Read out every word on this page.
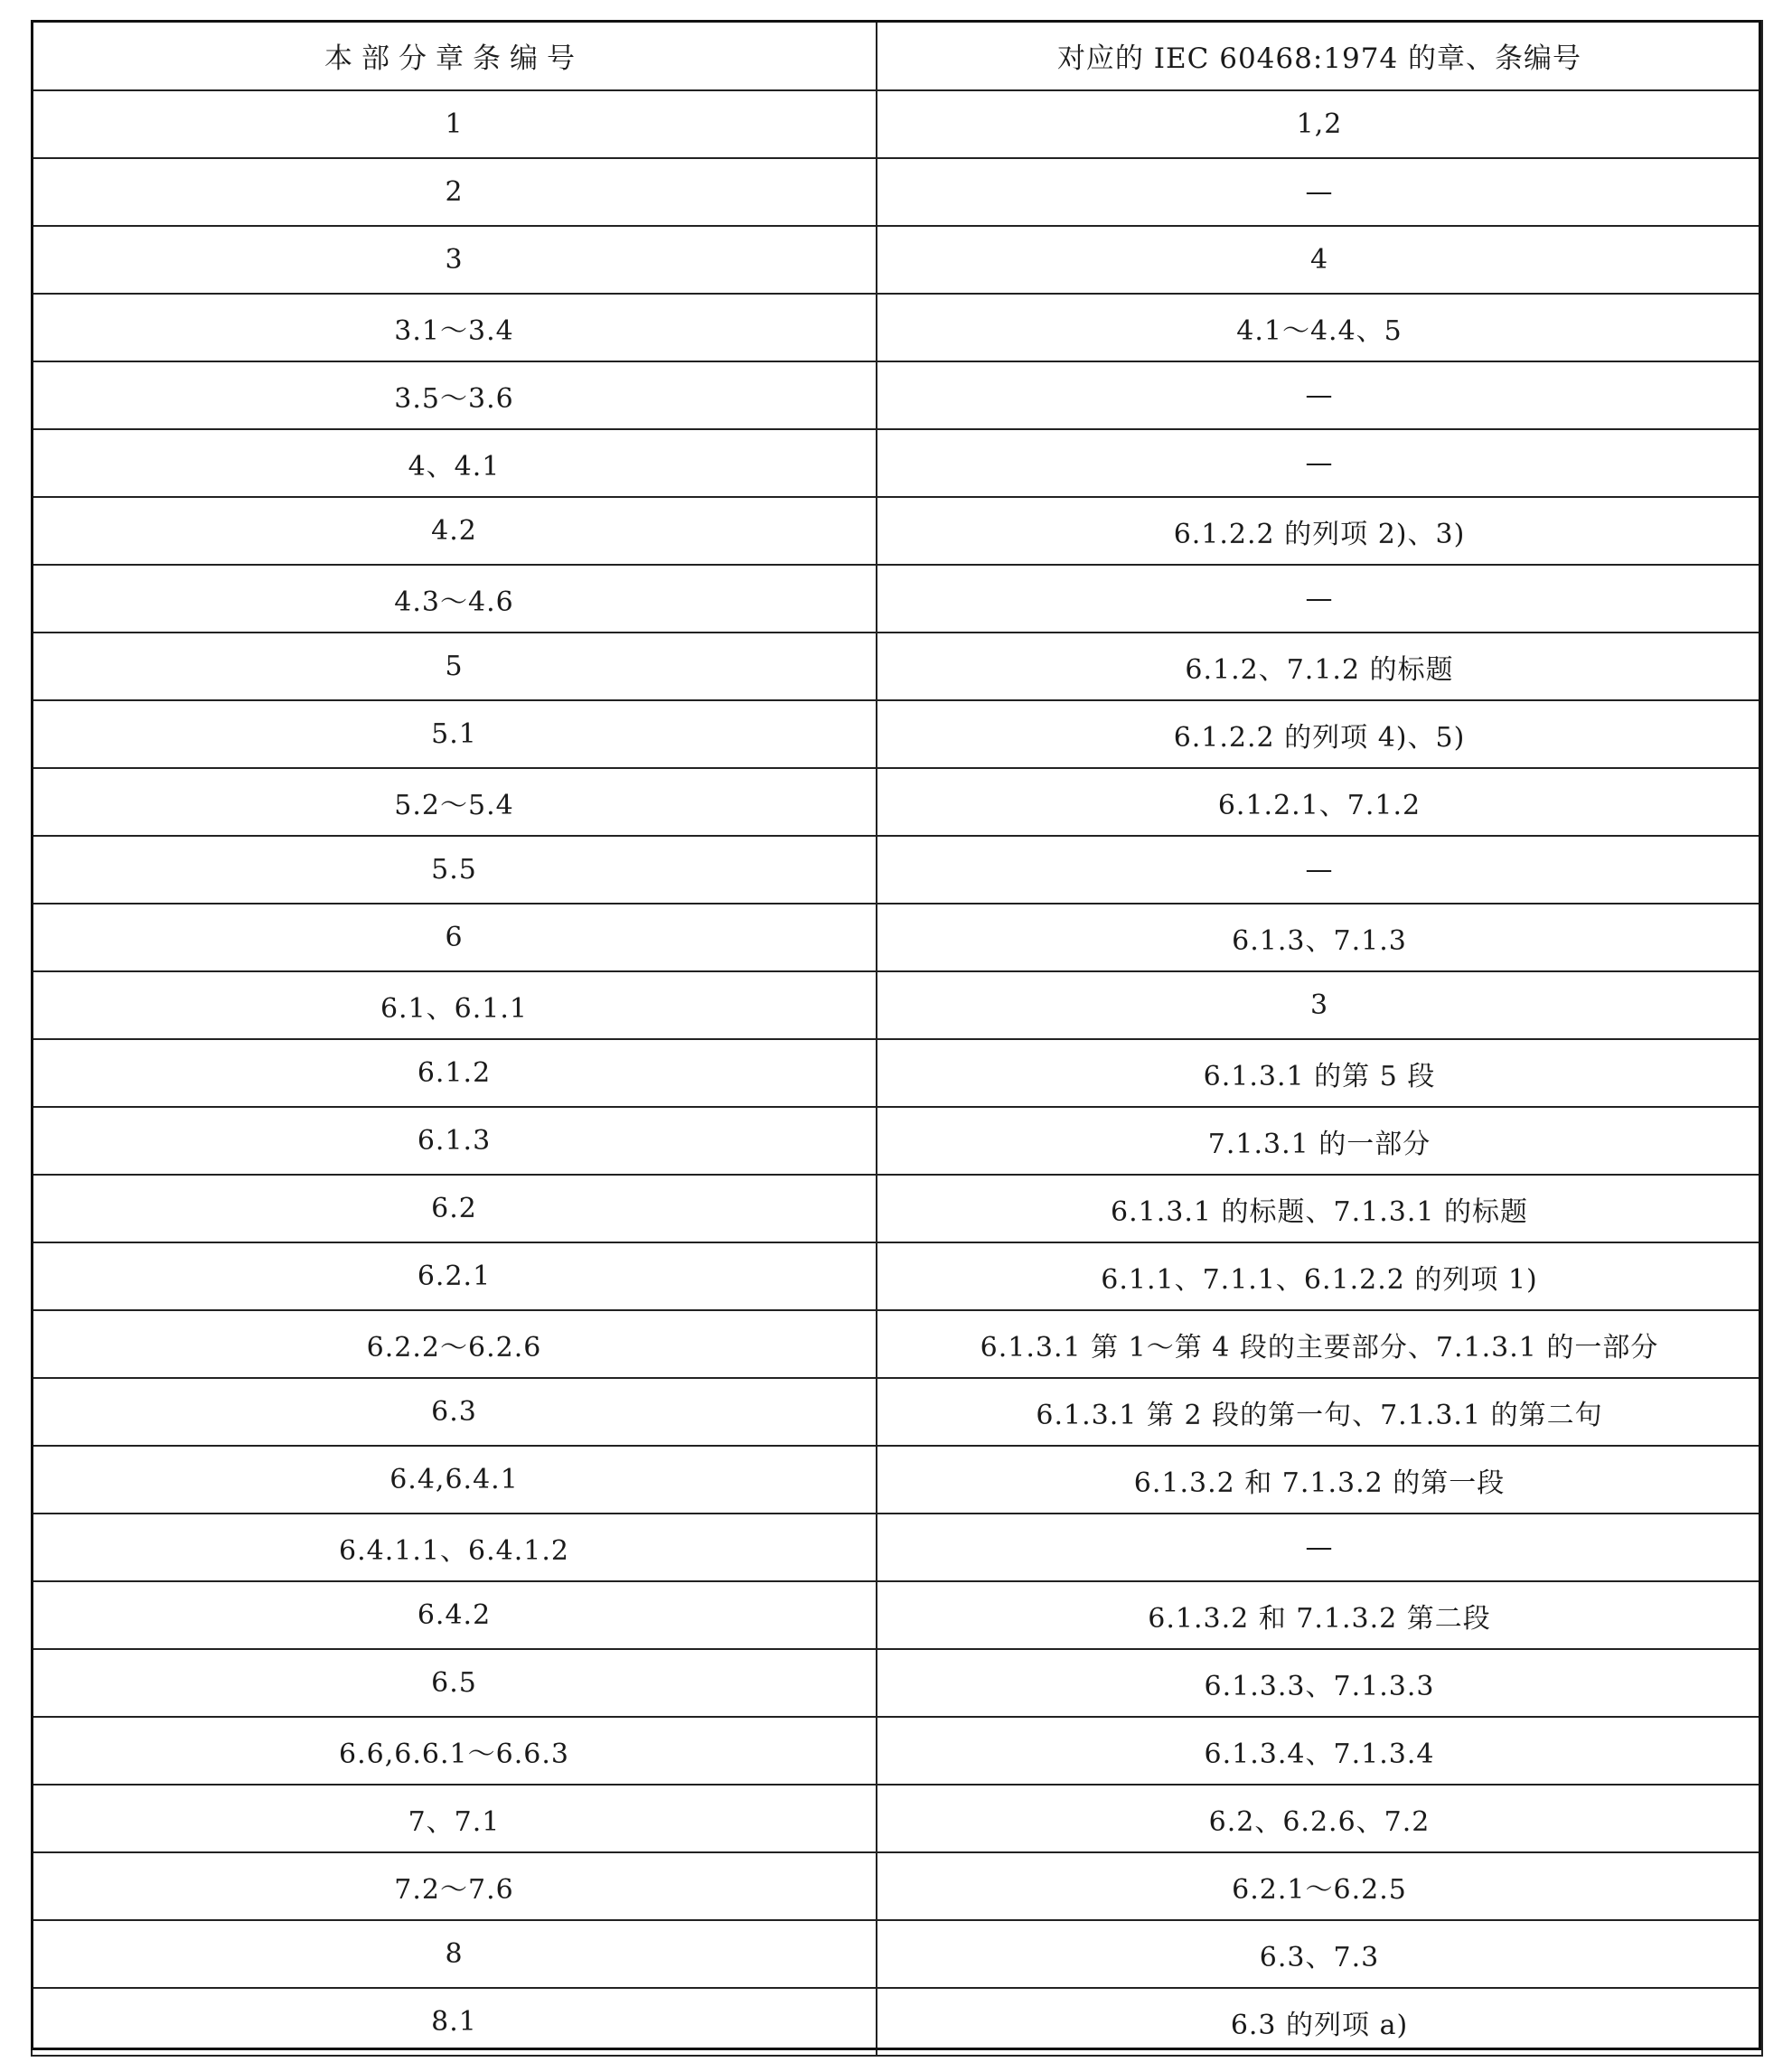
本部分章条编号	对应的 IEC 60468:1974 的章、条编号
1	1,2
2	—
3	4
3.1～3.4	4.1～4.4、5
3.5～3.6	—
4、4.1	—
4.2	6.1.2.2 的列项 2)、3)
4.3～4.6	—
5	6.1.2、7.1.2 的标题
5.1	6.1.2.2 的列项 4)、5)
5.2～5.4	6.1.2.1、7.1.2
5.5	—
6	6.1.3、7.1.3
6.1、6.1.1	3
6.1.2	6.1.3.1 的第 5 段
6.1.3	7.1.3.1 的一部分
6.2	6.1.3.1 的标题、7.1.3.1 的标题
6.2.1	6.1.1、7.1.1、6.1.2.2 的列项 1)
6.2.2～6.2.6	6.1.3.1 第 1～第 4 段的主要部分、7.1.3.1 的一部分
6.3	6.1.3.1 第 2 段的第一句、7.1.3.1 的第二句
6.4,6.4.1	6.1.3.2 和 7.1.3.2 的第一段
6.4.1.1、6.4.1.2	—
6.4.2	6.1.3.2 和 7.1.3.2 第二段
6.5	6.1.3.3、7.1.3.3
6.6,6.6.1～6.6.3	6.1.3.4、7.1.3.4
7、7.1	6.2、6.2.6、7.2
7.2～7.6	6.2.1～6.2.5
8	6.3、7.3
8.1	6.3 的列项 a)
